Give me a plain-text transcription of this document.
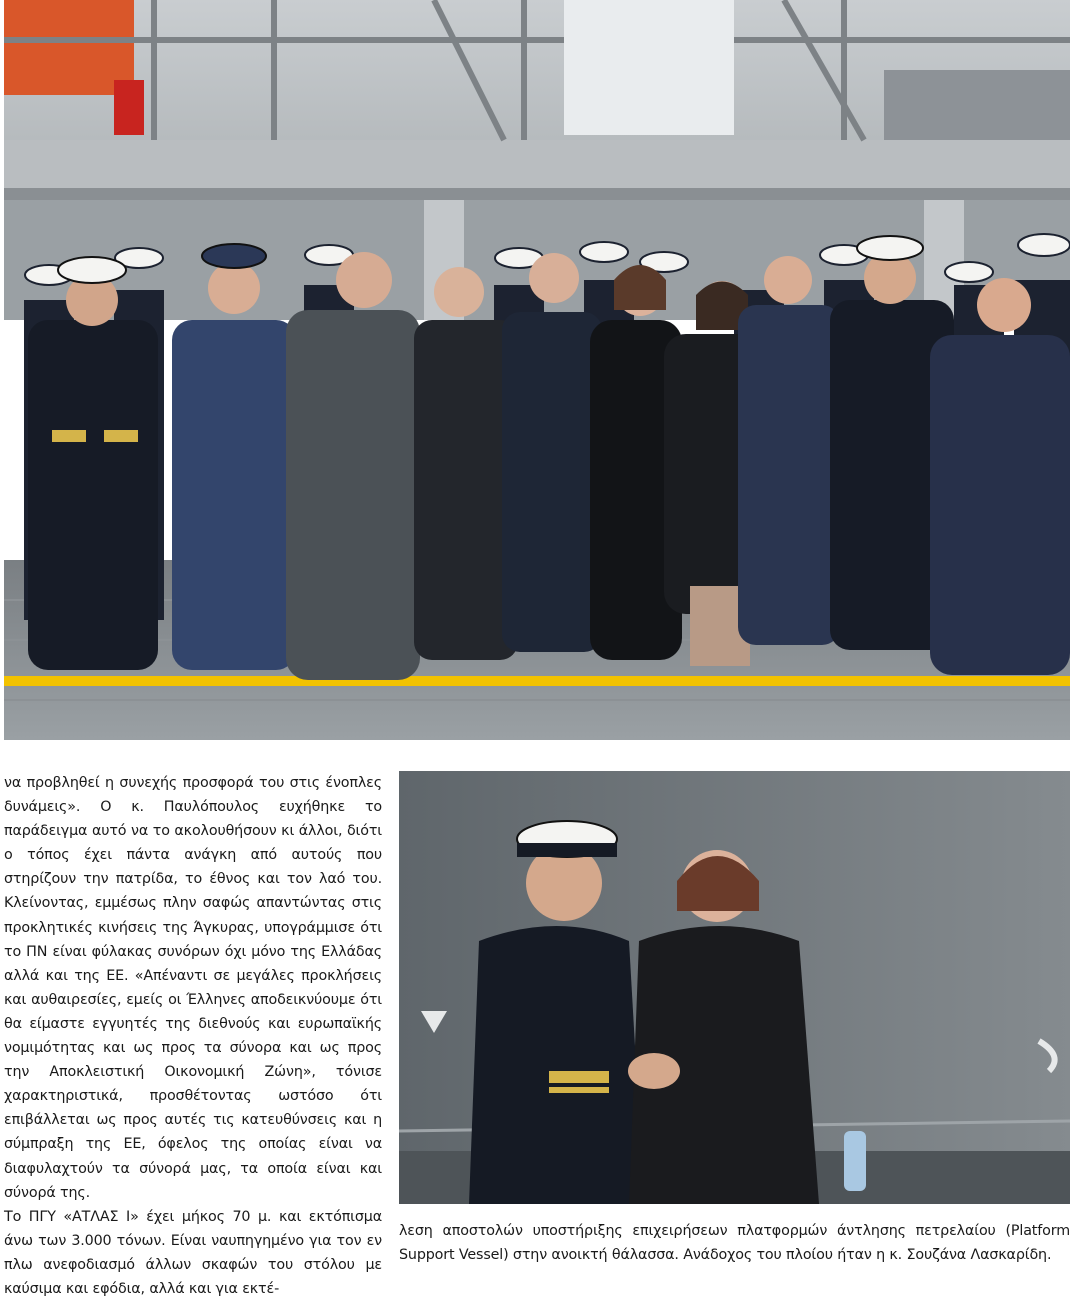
να προβληθεί η συνεχής προσφορά του στις ένοπλες δυνάμεις». Ο κ. Παυλόπουλος ευχήθηκε το παράδειγμα αυτό να το ακολουθήσουν κι άλλοι, διότι ο τόπος έχει πάντα ανάγκη από αυτούς που στηρίζουν την πατρίδα, το έθνος και τον λαό του. Κλείνοντας, εμμέσως πλην σαφώς απαντώντας στις προκλητικές κινήσεις της Άγκυρας, υπογράμμισε ότι το ΠΝ είναι φύλακας συνόρων όχι μόνο της Ελλάδας αλλά και της ΕΕ. «Απέναντι σε μεγάλες προκλήσεις και αυθαιρεσίες, εμείς οι Έλληνες αποδεικνύουμε ότι θα είμαστε εγγυητές της διεθνούς και ευρωπαϊκής νομιμότητας και ως προς τα σύνορα και ως προς την Αποκλειστική Οικονομική Ζώνη», τόνισε χαρακτηριστικά, προσθέτοντας ωστόσο ότι επιβάλλεται ως προς αυτές τις κατευθύνσεις και η σύμπραξη της ΕΕ, όφελος της οποίας είναι να διαφυλαχτούν τα σύνορά μας, τα οποία είναι και σύνορά της.

Το ΠΓΥ «ΑΤΛΑΣ Ι» έχει μήκος 70 μ. και εκτόπισμα άνω των 3.000 τόνων. Είναι ναυπηγημένο για τον εν πλω ανεφοδιασμό άλλων σκαφών του στόλου με καύσιμα και εφόδια, αλλά και για εκτέ-

λεση αποστολών υποστήριξης επιχειρήσεων πλατφορμών άντλησης πετρελαίου (Platform Support Vessel) στην ανοικτή θάλασσα. Ανάδοχος του πλοίου ήταν η κ. Σουζάνα Λασκαρίδη.
